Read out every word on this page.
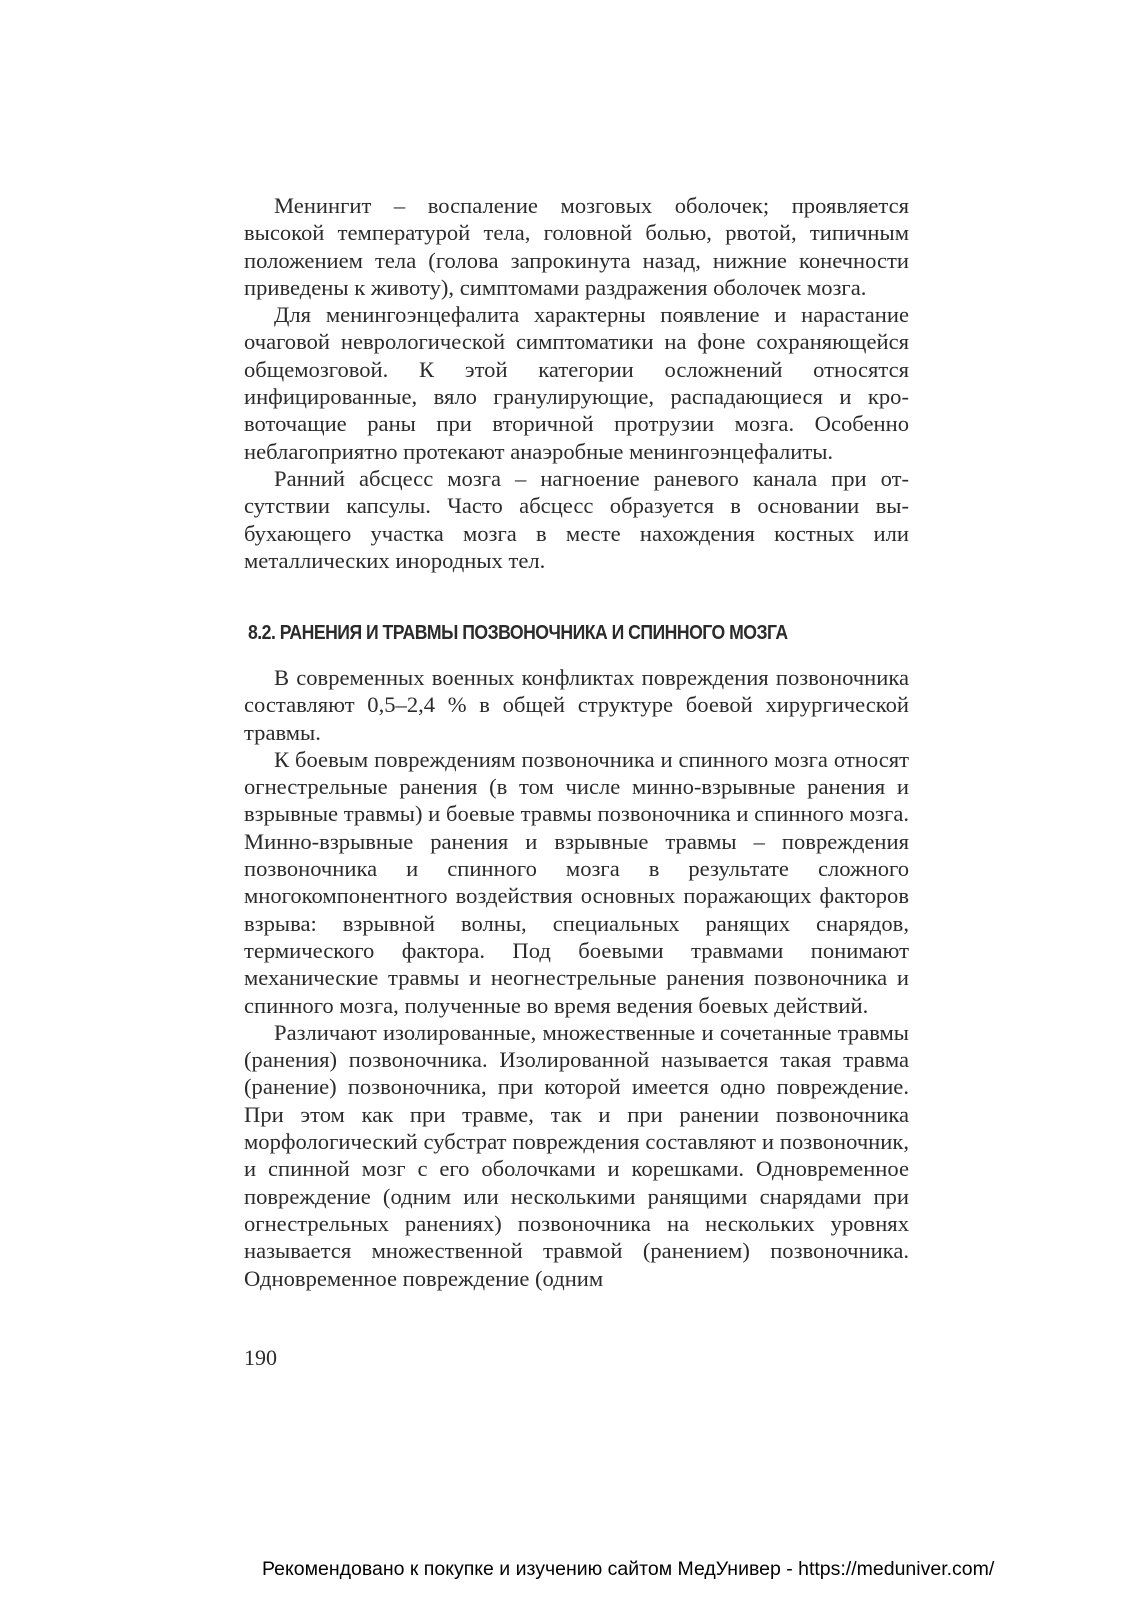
Менингит – воспаление мозговых оболочек; проявляется высокой температурой тела, головной болью, рвотой, типичным положением тела (голова запрокинута назад, нижние конечности приведены к животу), симптомами раздражения оболочек мозга.

Для менингоэнцефалита характерны появление и нарастание очаговой неврологической симптоматики на фоне сохраняющейся общемозговой. К этой категории осложнений относятся инфицированные, вяло гранулирующие, распадающиеся и кровоточащие раны при вторичной протрузии мозга. Особенно неблагоприятно протекают анаэробные менингоэнцефалиты.

Ранний абсцесс мозга – нагноение раневого канала при отсутствии капсулы. Часто абсцесс образуется в основании выбухающего участка мозга в месте нахождения костных или металлических инородных тел.

8.2. РАНЕНИЯ И ТРАВМЫ ПОЗВОНОЧНИКА И СПИННОГО МОЗГА

В современных военных конфликтах повреждения позвоночника составляют 0,5–2,4 % в общей структуре боевой хирургической травмы.

К боевым повреждениям позвоночника и спинного мозга относят огнестрельные ранения (в том числе минно-взрывные ранения и взрывные травмы) и боевые травмы позвоночника и спинного мозга. Минно-взрывные ранения и взрывные травмы – повреждения позвоночника и спинного мозга в результате сложного многокомпонентного воздействия основных поражающих факторов взрыва: взрывной волны, специальных ранящих снарядов, термического фактора. Под боевыми травмами понимают механические травмы и неогнестрельные ранения позвоночника и спинного мозга, полученные во время ведения боевых действий.

Различают изолированные, множественные и сочетанные травмы (ранения) позвоночника. Изолированной называется такая травма (ранение) позвоночника, при которой имеется одно повреждение. При этом как при травме, так и при ранении позвоночника морфологический субстрат повреждения составляют и позвоночник, и спинной мозг с его оболочками и корешками. Одновременное повреждение (одним или несколькими ранящими снарядами при огнестрельных ранениях) позвоночника на нескольких уровнях называется множественной травмой (ранением) позвоночника. Одновременное повреждение (одним

190
Рекомендовано к покупке и изучению сайтом МедУнивер - https://meduniver.com/
